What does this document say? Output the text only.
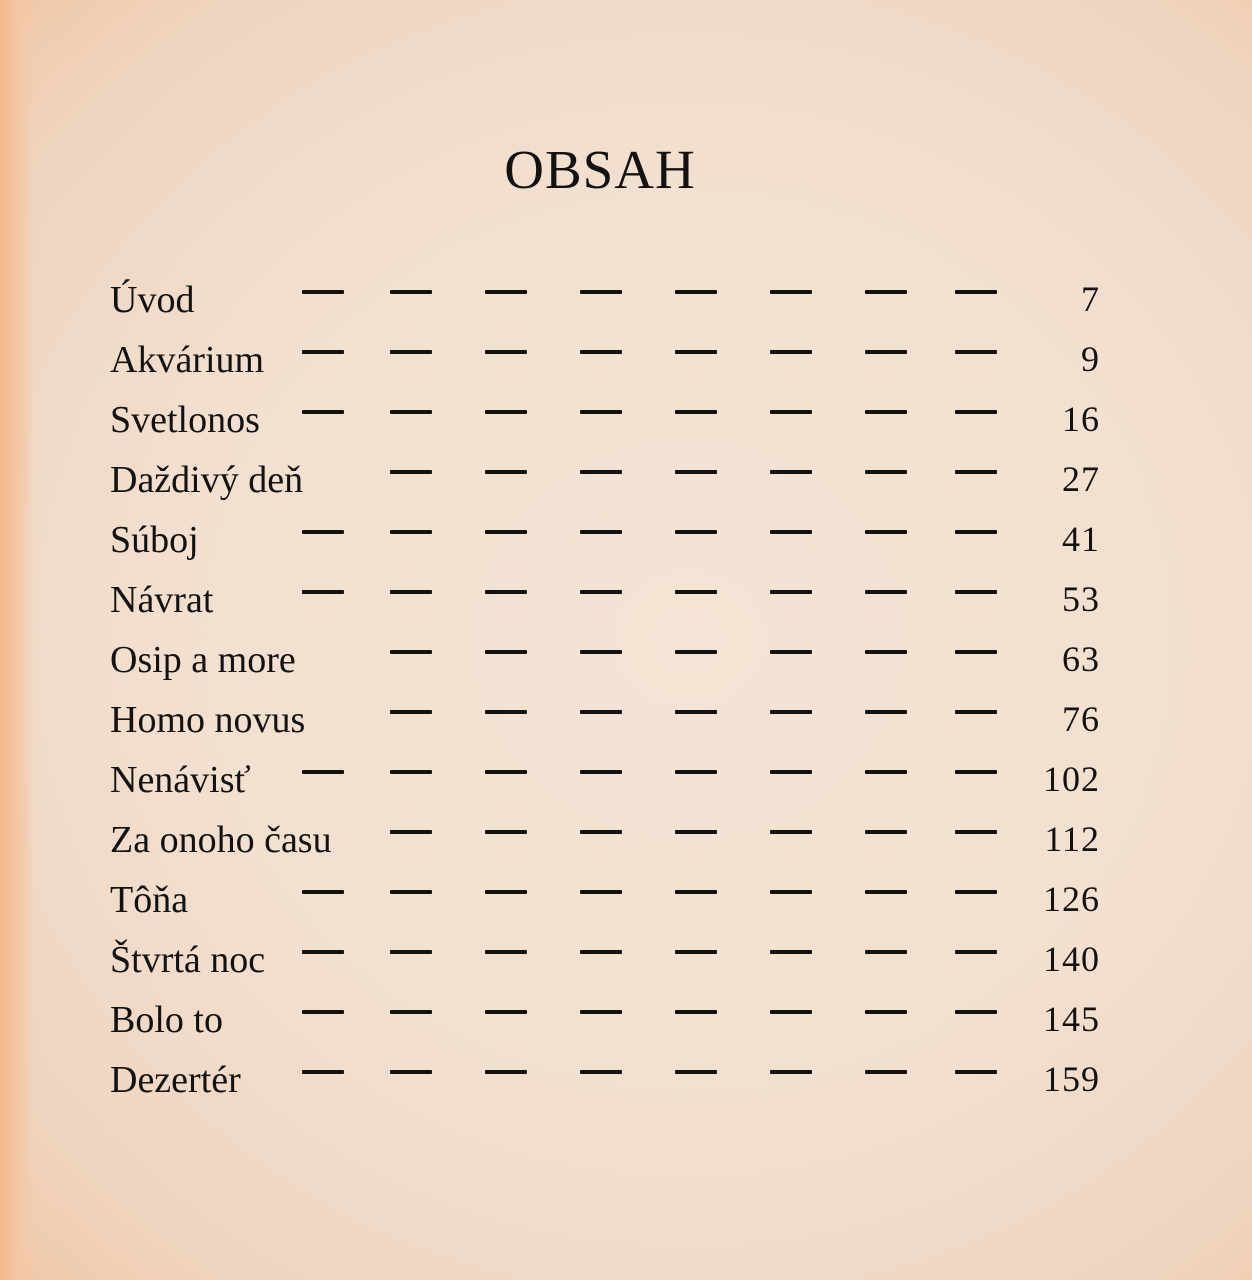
OBSAH
Úvod	7
Akvárium	9
Svetlonos	16
Daždivý deň	27
Súboj	41
Návrat	53
Osip a more	63
Homo novus	76
Nenávisť	102
Za onoho času	112
Tôňa	126
Štvrtá noc	140
Bolo to	145
Dezertér	159
